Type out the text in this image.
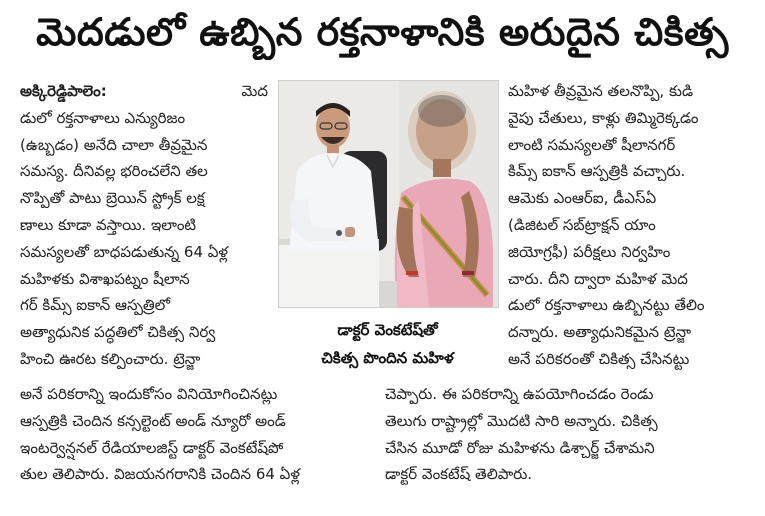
మెదడులో ఉబ్బిన రక్తనాళానికి అరుదైన చికిత్స
అక్కిరెడ్డిపాలెం:	మెద
డులో రక్తనాళాలు ఎన్యురిజం
(ఉబ్బడం) అనేది చాలా తీవ్రమైన
సమస్య. దీనివల్ల భరించలేని తల
నొప్పితో పాటు బ్రెయిన్ స్ట్రోక్ లక్ష
ణాలు కూడా వస్తాయి. ఇలాంటి
సమస్యలతో బాధపడుతున్న 64 ఏళ్ల
మహిళకు విశాఖపట్నం షీలాన
గర్ కిమ్స్ ఐకాన్ ఆస్పత్రిలో
అత్యాధునిక పద్ధతిలో చికిత్స నిర్వ
హించి ఊరట కల్పించారు. ట్రెన్జా
అనే పరికరాన్ని ఇందుకోసం వినియోగించినట్లు
ఆస్పత్రికి చెందిన కన్సల్టెంట్ అండ్ న్యూరో అండ్
ఇంటర్వెన్షనల్ రేడియాలజిస్ట్ డాక్టర్ వెంకటేష్‌పో
తుల తెలిపారు. విజయనగరానికి చెందిన 64 ఏళ్ల
డాక్టర్ వెంకటేష్‌తో
చికిత్స పొందిన మహిళ
మహిళ తీవ్రమైన తలనొప్పి, కుడి
వైపు చేతులు, కాళ్లు తిమ్మిరెక్కడం
లాంటి సమస్యలతో షీలానగర్
కిమ్స్ ఐకాన్ ఆస్పత్రికి వచ్చారు.
ఆమెకు ఎంఆర్ఐ, డీఎస్ఏ
(డిజిటల్ సబ్‌ట్రాక్షన్ యాం
జియోగ్రఫీ) పరీక్షలు నిర్వహిం
చారు. దీని ద్వారా మహిళ మెద
డులో రక్తనాళాలు ఉబ్బినట్టు తేలిం
దన్నారు. అత్యాధునికమైన ట్రెన్జా
అనే పరికరంతో చికిత్స చేసినట్టు
చెప్పారు. ఈ పరికరాన్ని ఉపయోగించడం రెండు
తెలుగు రాష్ట్రాల్లో మొదటి సారి అన్నారు. చికిత్స
చేసిన మూడో రోజు మహిళను డిశ్చార్జ్ చేశామని
డాక్టర్ వెంకటేష్ తెలిపారు.
